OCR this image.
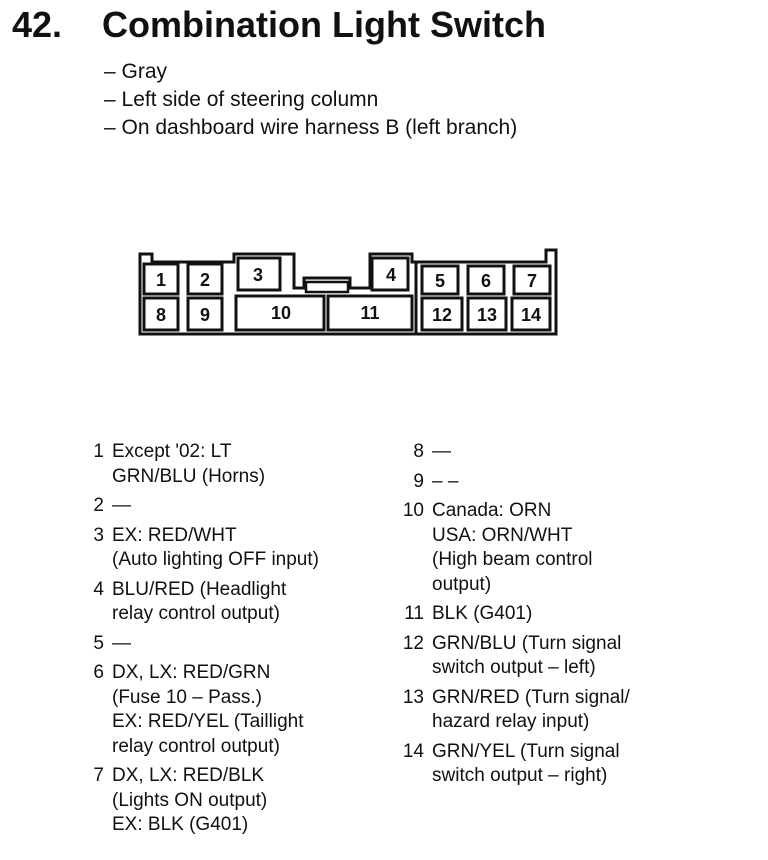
42. Combination Light Switch
– Gray
– Left side of steering column
– On dashboard wire harness B (left branch)
1 2 3	4 5 6 7
8 9	10	11	12 13 14
1 Except '02: LT
GRN/BLU (Horns)
2 —
3 EX: RED/WHT
(Auto lighting OFF input)
4 BLU/RED (Headlight
relay control output)
5 —
6 DX, LX: RED/GRN
(Fuse 10 – Pass.)
EX: RED/YEL (Taillight
relay control output)
7 DX, LX: RED/BLK
(Lights ON output)
EX: BLK (G401)
8 —
9 – –
10 Canada: ORN
USA: ORN/WHT
(High beam control
output)
11 BLK (G401)
12 GRN/BLU (Turn signal
switch output – left)
13 GRN/RED (Turn signal/
hazard relay input)
14 GRN/YEL (Turn signal
switch output – right)
